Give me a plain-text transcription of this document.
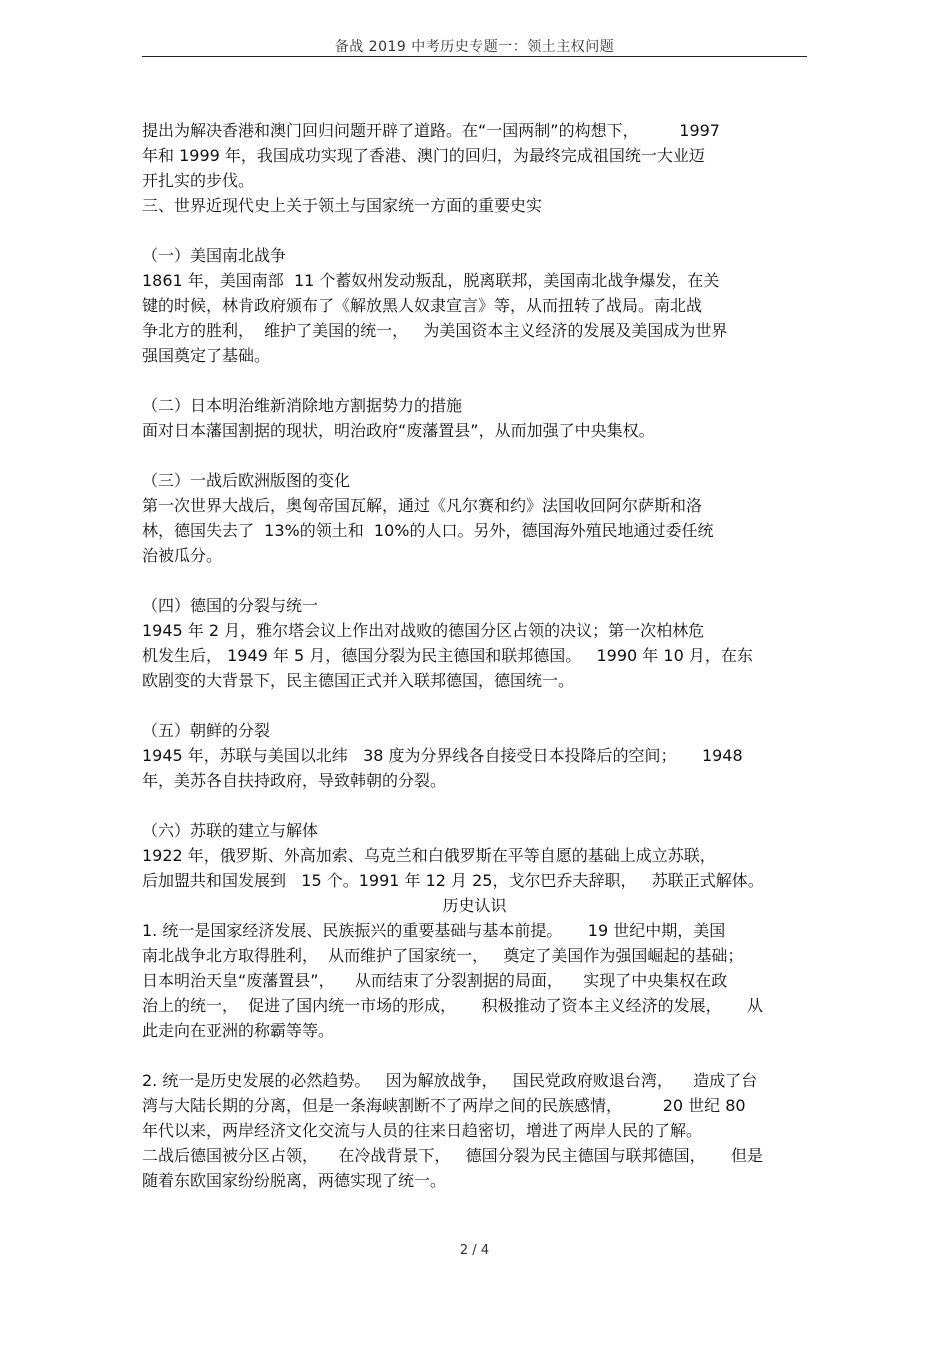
备战 2019 中考历史专题一：领土主权问题
提出为解决香港和澳门回归问题开辟了道路。在“一国两制”的构想下，        1997
年和 1999 年，我国成功实现了香港、澳门的回归，为最终完成祖国统一大业迈
开扎实的步伐。
三、世界近现代史上关于领土与国家统一方面的重要史实
（一）美国南北战争
1861 年，美国南部  11 个蓄奴州发动叛乱，脱离联邦，美国南北战争爆发，在关
键的时候，林肯政府颁布了《解放黑人奴隶宣言》等，从而扭转了战局。南北战
争北方的胜利，  维护了美国的统一，   为美国资本主义经济的发展及美国成为世界
强国奠定了基础。
（二）日本明治维新消除地方割据势力的措施
面对日本藩国割据的现状，明治政府“废藩置县”，从而加强了中央集权。
（三）一战后欧洲版图的变化
第一次世界大战后，奥匈帝国瓦解，通过《凡尔赛和约》法国收回阿尔萨斯和洛
林，德国失去了  13%的领土和  10%的人口。另外，德国海外殖民地通过委任统
治被瓜分。
（四）德国的分裂与统一
1945 年 2 月，雅尔塔会议上作出对战败的德国分区占领的决议；第一次柏林危
机发生后， 1949 年 5 月，德国分裂为民主德国和联邦德国。   1990 年 10 月，在东
欧剧变的大背景下，民主德国正式并入联邦德国，德国统一。
（五）朝鲜的分裂
1945 年，苏联与美国以北纬   38 度为分界线各自接受日本投降后的空间；     1948
年，美苏各自扶持政府，导致韩朝的分裂。
（六）苏联的建立与解体
1922 年，俄罗斯、外高加索、乌克兰和白俄罗斯在平等自愿的基础上成立苏联，
后加盟共和国发展到   15 个。1991 年 12 月 25，戈尔巴乔夫辞职，   苏联正式解体。
历史认识
1. 统一是国家经济发展、民族振兴的重要基础与基本前提。     19 世纪中期，美国
南北战争北方取得胜利，  从而维护了国家统一，   奠定了美国作为强国崛起的基础；
日本明治天皇“废藩置县”，    从而结束了分裂割据的局面，    实现了中央集权在政
治上的统一，  促进了国内统一市场的形成，     积极推动了资本主义经济的发展，     从
此走向在亚洲的称霸等等。
2. 统一是历史发展的必然趋势。   因为解放战争，   国民党政府败退台湾，    造成了台
湾与大陆长期的分离，但是一条海峡割断不了两岸之间的民族感情，        20 世纪 80
年代以来，两岸经济文化交流与人员的往来日趋密切，增进了两岸人民的了解。
二战后德国被分区占领，    在冷战背景下，   德国分裂为民主德国与联邦德国，     但是
随着东欧国家纷纷脱离，两德实现了统一。
2 / 4
